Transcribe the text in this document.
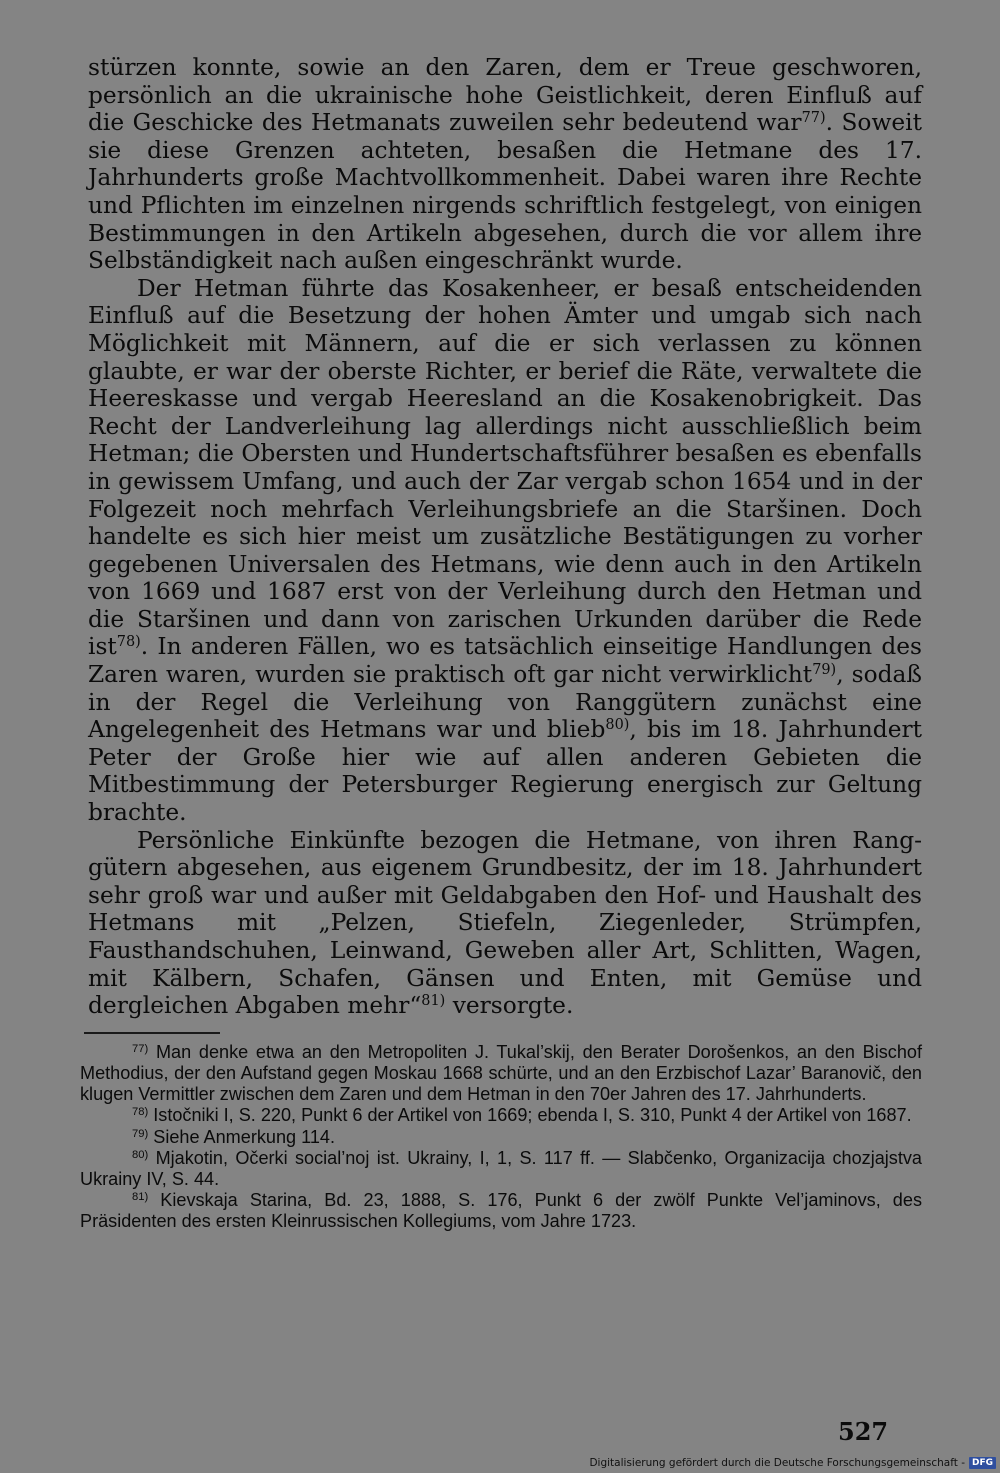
stürzen konnte, sowie an den Zaren, dem er Treue geschworen, persönlich an die ukrainische hohe Geistlichkeit, deren Einfluß auf die Geschicke des Hetmanats zuweilen sehr bedeutend war$^{77)}$. Soweit sie diese Grenzen achteten, besaßen die Hetmane des 17. Jahrhunderts große Machtvollkommenheit. Dabei waren ihre Rechte und Pflichten im einzelnen nirgends schriftlich festgelegt, von einigen Bestimmungen in den Artikeln abgesehen, durch die vor allem ihre Selbständigkeit nach außen eingeschränkt wurde.

Der Hetman führte das Kosakenheer, er besaß entscheidenden Einfluß auf die Besetzung der hohen Ämter und umgab sich nach Möglichkeit mit Männern, auf die er sich verlassen zu können glaubte, er war der oberste Richter, er berief die Räte, verwaltete die Heereskasse und vergab Heeresland an die Kosakenobrigkeit. Das Recht der Landverleihung lag allerdings nicht ausschließlich beim Hetman; die Obersten und Hundertschaftsführer besaßen es ebenfalls in gewissem Umfang, und auch der Zar vergab schon 1654 und in der Folgezeit noch mehrfach Verleihungsbriefe an die Staršinen. Doch handelte es sich hier meist um zusätzliche Bestätigungen zu vorher gegebenen Universalen des Hetmans, wie denn auch in den Artikeln von 1669 und 1687 erst von der Verleihung durch den Hetman und die Staršinen und dann von zarischen Urkunden darüber die Rede ist$^{78)}$. In anderen Fällen, wo es tatsächlich einseitige Handlungen des Zaren waren, wurden sie praktisch oft gar nicht verwirklicht$^{79)}$, sodaß in der Regel die Verleihung von Ranggütern zunächst eine Angelegenheit des Hetmans war und blieb$^{80)}$, bis im 18. Jahrhundert Peter der Große hier wie auf allen anderen Gebieten die Mitbestimmung der Petersburger Regierung energisch zur Geltung brachte.

Persönliche Einkünfte bezogen die Hetmane, von ihren Ranggütern abgesehen, aus eigenem Grundbesitz, der im 18. Jahrhundert sehr groß war und außer mit Geldabgaben den Hof- und Haushalt des Hetmans mit „Pelzen, Stiefeln, Ziegenleder, Strümpfen, Fausthandschuhen, Leinwand, Geweben aller Art, Schlitten, Wagen, mit Kälbern, Schafen, Gänsen und Enten, mit Gemüse und dergleichen Abgaben mehr“$^{81)}$ versorgte.

$^{77)}$ Man denke etwa an den Metropoliten J. Tukal’skij, den Berater Dorošenkos, an den Bischof Methodius, der den Aufstand gegen Moskau 1668 schürte, und an den Erzbischof Lazar’ Baranovič, den klugen Vermittler zwischen dem Zaren und dem Hetman in den 70er Jahren des 17. Jahrhunderts.

$^{78)}$ Istočniki I, S. 220, Punkt 6 der Artikel von 1669; ebenda I, S. 310, Punkt 4 der Artikel von 1687.

$^{79)}$ Siehe Anmerkung 114.

$^{80)}$ Mjakotin, Očerki social’noj ist. Ukrainy, I, 1, S. 117 ff. — Slabčenko, Organizacija chozjajstva Ukrainy IV, S. 44.

$^{81)}$ Kievskaja Starina, Bd. 23, 1888, S. 176, Punkt 6 der zwölf Punkte Vel’jaminovs, des Präsidenten des ersten Kleinrussischen Kollegiums, vom Jahre 1723.

527
Digitalisierung gefördert durch die Deutsche Forschungsgemeinschaft - DFG
